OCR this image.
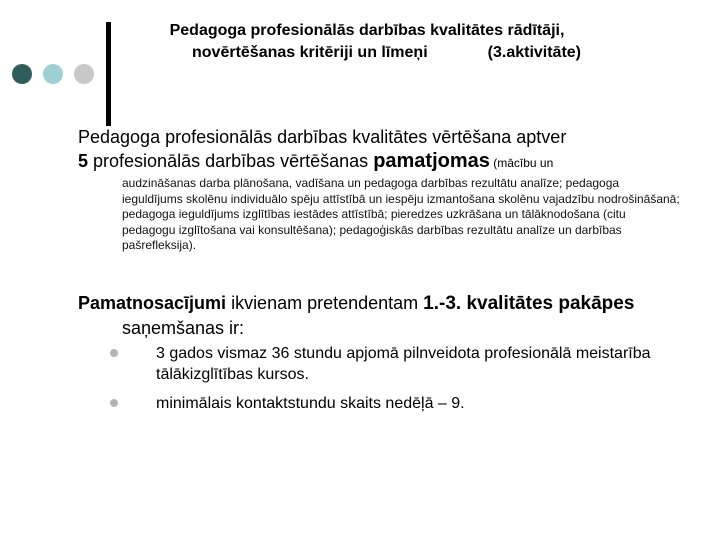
Pedagoga profesionālās darbības kvalitātes rādītāji,
novērtēšanas kritēriji un līmeņi	(3.aktivitāte)
Pedagoga profesionālās darbības kvalitātes vērtēšana aptver
5 profesionālās darbības vērtēšanas pamatjomas (mācību un
audzināšanas darba plānošana, vadīšana un pedagoga darbības rezultātu analīze; pedagoga ieguldījums skolēnu individuālo spēju attīstībā un iespēju izmantošana skolēnu vajadzību nodrošināšanā; pedagoga ieguldījums izglītības iestādes attīstībā; pieredzes uzkrāšana un tālāknodošana (citu pedagogu izglītošana vai konsultēšana); pedagoģiskās darbības rezultātu analīze un darbības pašrefleksija).
Pamatnosacījumi ikvienam pretendentam 1.-3. kvalitātes pakāpes
saņemšanas ir:
3 gados vismaz 36 stundu apjomā pilnveidota profesionālā meistarība tālākizglītības kursos.
minimālais kontaktstundu skaits nedēļā – 9.
